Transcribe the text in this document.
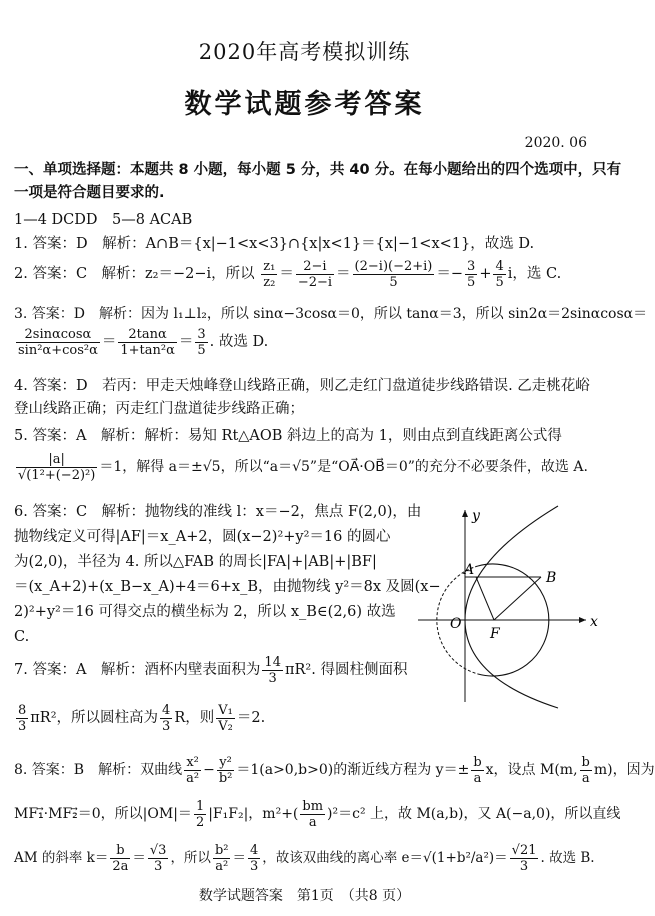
2020年高考模拟训练
数学试题参考答案
2020. 06
一、单项选择题：本题共 8 小题，每小题 5 分，共 40 分。在每小题给出的四个选项中，只有
一项是符合题目要求的.
1—4 DCDD　5—8 ACAB
1. 答案：D　解析：A∩B＝{x|−1<x<3}∩{x|x<1}＝{x|−1<x<1}，故选 D.
2. 答案：C　解析：z₂＝−2−i，所以 $\frac{\text{z₁}}{\text{z₂}} = \frac{2-i}{-2-i} = \frac{(2-i)(-2+i)}{5} =- \frac{3}{5} + \frac{4}{5}$ i，选 C.
3. 答案：D　解析：因为 l₁⊥l₂，所以 sinα−3cosα＝0，所以 tanα＝3，所以 sin2α＝2sinαcosα＝
$\frac{2\sin\alpha\cos\alpha}{\text{sin²α+cos²α}} = \frac{2\tan\alpha}{\text{1+tan²α}} = \frac{3}{5}$ . 故选 D.
4. 答案：D　若丙：甲走天烛峰登山线路正确，则乙走红门盘道徒步线路错误. 乙走桃花峪
登山线路正确；丙走红门盘道徒步线路正确；
5. 答案：A　解析：解析：易知 Rt△AOB 斜边上的高为 1，则由点到直线距离公式得
$\frac{|a|}{\text{√(1²+(−2)²)}} =1$，解得 a＝±√5，所以“a＝√5”是“OA⃗·OB⃗＝0”的充分不必要条件，故选 A.
6. 答案：C　解析：抛物线的准线 l：x＝−2，焦点 F(2,0)，由
抛物线定义可得|AF|＝x_A+2，圆(x−2)²+y²＝16 的圆心
为(2,0)，半径为 4. 所以△FAB 的周长|FA|+|AB|+|BF|
＝(x_A+2)+(x_B−x_A)+4＝6+x_B，由抛物线 y²＝8x 及圆(x−
2)²+y²＝16 可得交点的横坐标为 2，所以 x_B∈(2,6) 故选
C.
y
x
O
F
A	B
7. 答案：A　解析：酒杯内壁表面积为 $\frac{14}{3} \pi R^2$. 得圆柱侧面积
$\frac{8}{3} \pi R^2$，所以圆柱高为 $\frac{4}{3}$ R，则 $\frac{\text{V₁}}{\text{V₂}} =2$.
8. 答案：B　解析：双曲线 $\frac{\text{x²}}{\text{a²}} - \frac{\text{y²}}{\text{b²}} =1(a>0,b>0)$的渐近线方程为 $y=\pm \frac{b}{a}$ x，设点 M(m, $\frac{b}{a} m$)，因为
MF₁⃗·MF₂⃗＝0，所以$|OM|= \frac{1}{2} |F_1F_2|$，$m^2+( \frac{bm}{a} )^2=c^2$ 上，故 M(a,b)，又 A(−a,0)，所以直线
AM 的斜率 $k= \frac{b}{2a} = \frac{√3}{3}$ ，所以 $\frac{\text{b²}}{\text{a²}} = \frac{4}{3}$ ，故该双曲线的离心率 $e=√(1+b^2/a^2)= \frac{√21}{3}$ . 故选 B.
数学试题答案　第1页　（共8 页）
